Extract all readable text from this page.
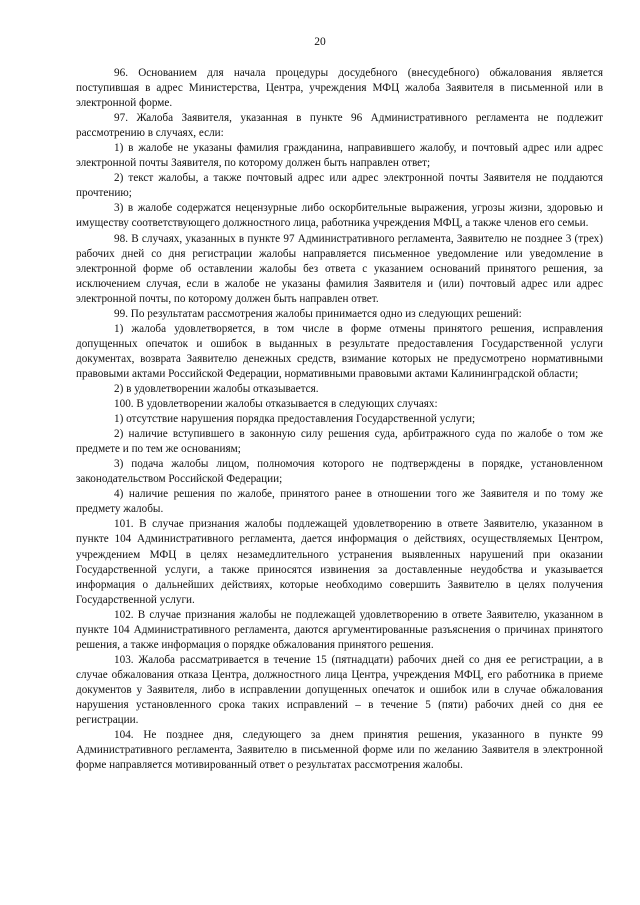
20

96. Основанием для начала процедуры досудебного (внесудебного) обжалования является поступившая в адрес Министерства, Центра, учреждения МФЦ жалоба Заявителя в письменной или в электронной форме.

97. Жалоба Заявителя, указанная в пункте 96 Административного регламента не подлежит рассмотрению в случаях, если:

1) в жалобе не указаны фамилия гражданина, направившего жалобу, и почтовый адрес или адрес электронной почты Заявителя, по которому должен быть направлен ответ;

2) текст жалобы, а также почтовый адрес или адрес электронной почты Заявителя не поддаются прочтению;

3) в жалобе содержатся нецензурные либо оскорбительные выражения, угрозы жизни, здоровью и имуществу соответствующего должностного лица, работника учреждения МФЦ, а также членов его семьи.

98. В случаях, указанных в пункте 97 Административного регламента, Заявителю не позднее 3 (трех) рабочих дней со дня регистрации жалобы направляется письменное уведомление или уведомление в электронной форме об оставлении жалобы без ответа с указанием оснований принятого решения, за исключением случая, если в жалобе не указаны фамилия Заявителя и (или) почтовый адрес или адрес электронной почты, по которому должен быть направлен ответ.

99. По результатам рассмотрения жалобы принимается одно из следующих решений:

1) жалоба удовлетворяется, в том числе в форме отмены принятого решения, исправления допущенных опечаток и ошибок в выданных в результате предоставления Государственной услуги документах, возврата Заявителю денежных средств, взимание которых не предусмотрено нормативными правовыми актами Российской Федерации, нормативными правовыми актами Калининградской области;

2) в удовлетворении жалобы отказывается.

100. В удовлетворении жалобы отказывается в следующих случаях:

1) отсутствие нарушения порядка предоставления Государственной услуги;

2) наличие вступившего в законную силу решения суда, арбитражного суда по жалобе о том же предмете и по тем же основаниям;

3) подача жалобы лицом, полномочия которого не подтверждены в порядке, установленном законодательством Российской Федерации;

4) наличие решения по жалобе, принятого ранее в отношении того же Заявителя и по тому же предмету жалобы.

101. В случае признания жалобы подлежащей удовлетворению в ответе Заявителю, указанном в пункте 104 Административного регламента, дается информация о действиях, осуществляемых Центром, учреждением МФЦ в целях незамедлительного устранения выявленных нарушений при оказании Государственной услуги, а также приносятся извинения за доставленные неудобства и указывается информация о дальнейших действиях, которые необходимо совершить Заявителю в целях получения Государственной услуги.

102. В случае признания жалобы не подлежащей удовлетворению в ответе Заявителю, указанном в пункте 104 Административного регламента, даются аргументированные разъяснения о причинах принятого решения, а также информация о порядке обжалования принятого решения.

103. Жалоба рассматривается в течение 15 (пятнадцати) рабочих дней со дня ее регистрации, а в случае обжалования отказа Центра, должностного лица Центра, учреждения МФЦ, его работника в приеме документов у Заявителя, либо в исправлении допущенных опечаток и ошибок или в случае обжалования нарушения установленного срока таких исправлений – в течение 5 (пяти) рабочих дней со дня ее регистрации.

104. Не позднее дня, следующего за днем принятия решения, указанного в пункте 99 Административного регламента, Заявителю в письменной форме или по желанию Заявителя в электронной форме направляется мотивированный ответ о результатах рассмотрения жалобы.
